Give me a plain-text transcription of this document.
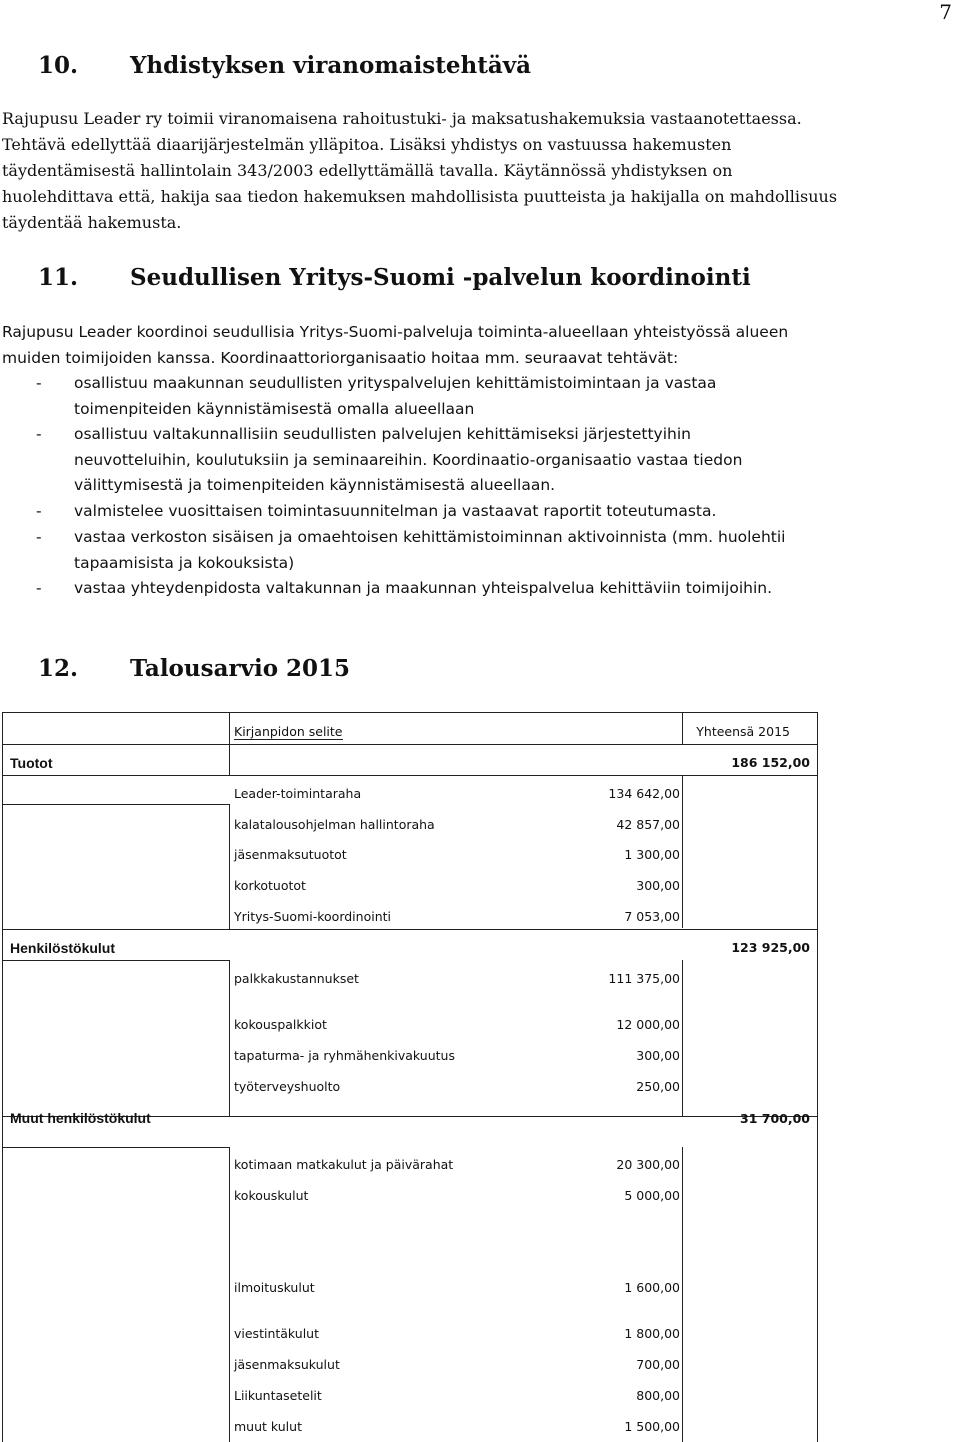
7
10. Yhdistyksen viranomaistehtävä
Rajupusu Leader ry toimii viranomaisena rahoitustuki- ja maksatushakemuksia vastaanotettaessa.
Tehtävä edellyttää diaarijärjestelmän ylläpitoa. Lisäksi yhdistys on vastuussa hakemusten
täydentämisestä hallintolain 343/2003 edellyttämällä tavalla. Käytännössä yhdistyksen on
huolehdittava että, hakija saa tiedon hakemuksen mahdollisista puutteista ja hakijalla on mahdollisuus
täydentää hakemusta.
11. Seudullisen Yritys-Suomi -palvelun koordinointi
Rajupusu Leader koordinoi seudullisia Yritys-Suomi-palveluja toiminta-alueellaan yhteistyössä alueen
muiden toimijoiden kanssa. Koordinaattoriorganisaatio hoitaa mm. seuraavat tehtävät:
- osallistuu maakunnan seudullisten yrityspalvelujen kehittämistoimintaan ja vastaa
toimenpiteiden käynnistämisestä omalla alueellaan
- osallistuu valtakunnallisiin seudullisten palvelujen kehittämiseksi järjestettyihin
neuvotteluihin, koulutuksiin ja seminaareihin. Koordinaatio-organisaatio vastaa tiedon
välittymisestä ja toimenpiteiden käynnistämisestä alueellaan.
- valmistelee vuosittaisen toimintasuunnitelman ja vastaavat raportit toteutumasta.
- vastaa verkoston sisäisen ja omaehtoisen kehittämistoiminnan aktivoinnista (mm. huolehtii
tapaamisista ja kokouksista)
- vastaa yhteydenpidosta valtakunnan ja maakunnan yhteispalvelua kehittäviin toimijoihin.
12. Talousarvio 2015
Kirjanpidon selite	Yhteensä 2015
Tuotot	186 152,00
Leader-toimintaraha	134 642,00
kalatalousohjelman hallintoraha	42 857,00
jäsenmaksutuotot	1 300,00
korkotuotot	300,00
Yritys-Suomi-koordinointi	7 053,00
Henkilöstökulut	123 925,00
palkkakustannukset	111 375,00
kokouspalkkiot	12 000,00
tapaturma- ja ryhmähenkivakuutus	300,00
työterveyshuolto	250,00
Muut henkilöstökulut	31 700,00
kotimaan matkakulut ja päivärahat	20 300,00
kokouskulut	5 000,00
ilmoituskulut	1 600,00
viestintäkulut	1 800,00
jäsenmaksukulut	700,00
Liikuntasetelit	800,00
muut kulut	1 500,00
